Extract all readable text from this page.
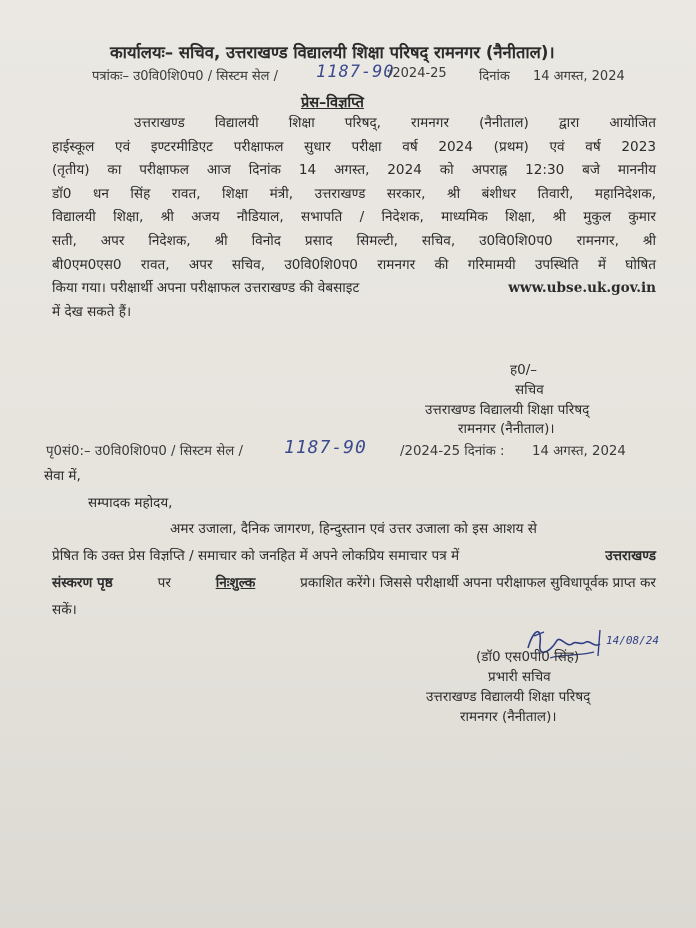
कार्यालयः– सचिव, उत्तराखण्ड विद्यालयी शिक्षा परिषद् रामनगर (नैनीताल)।
पत्रांकः– उ0वि0शि0प0 / सिस्टम सेल / 1187-90
/2024-25 दिनांक 14 अगस्त, 2024
प्रेस–विज्ञप्ति
उत्तराखण्ड विद्यालयी शिक्षा परिषद्, रामनगर (नैनीताल) द्वारा आयोजित
हाईस्कूल एवं इण्टरमीडिएट परीक्षाफल सुधार परीक्षा वर्ष 2024 (प्रथम) एवं वर्ष 2023
(तृतीय) का परीक्षाफल आज दिनांक 14 अगस्त, 2024 को अपराह्न 12:30 बजे माननीय
डॉ0 धन सिंह रावत, शिक्षा मंत्री, उत्तराखण्ड सरकार, श्री बंशीधर तिवारी, महानिदेशक,
विद्यालयी शिक्षा, श्री अजय नौडियाल, सभापति / निदेशक, माध्यमिक शिक्षा, श्री मुकुल कुमार
सती, अपर निदेशक, श्री विनोद प्रसाद सिमल्टी, सचिव, उ0वि0शि0प0 रामनगर, श्री
बी0एम0एस0 रावत, अपर सचिव, उ0वि0शि0प0 रामनगर की गरिमामयी उपस्थिति में घोषित
किया गया। परीक्षार्थी अपना परीक्षाफल उत्तराखण्ड की वेबसाइट	www.ubse.uk.gov.in
में देख सकते हैं।
ह0/–
सचिव
उत्तराखण्ड विद्यालयी शिक्षा परिषद्
रामनगर (नैनीताल)।
पृ0सं0:– उ0वि0शि0प0 / सिस्टम सेल / 1187-90 /2024-25 दिनांक : 14 अगस्त, 2024
सेवा में,
सम्पादक महोदय,
अमर उजाला, दैनिक जागरण, हिन्दुस्तान एवं उत्तर उजाला को इस आशय से
प्रेषित कि उक्त प्रेस विज्ञप्ति / समाचार को जनहित में अपने लोकप्रिय समाचार पत्र में	उत्तराखण्ड
संस्करण पृष्ठ	पर	निःशुल्क	प्रकाशित करेंगे। जिससे परीक्षार्थी अपना परीक्षाफल सुविधापूर्वक प्राप्त कर
सकें।
14/08/24
(डॉ0 एस0पी0 सिंह)
प्रभारी सचिव
उत्तराखण्ड विद्यालयी शिक्षा परिषद्
रामनगर (नैनीताल)।
